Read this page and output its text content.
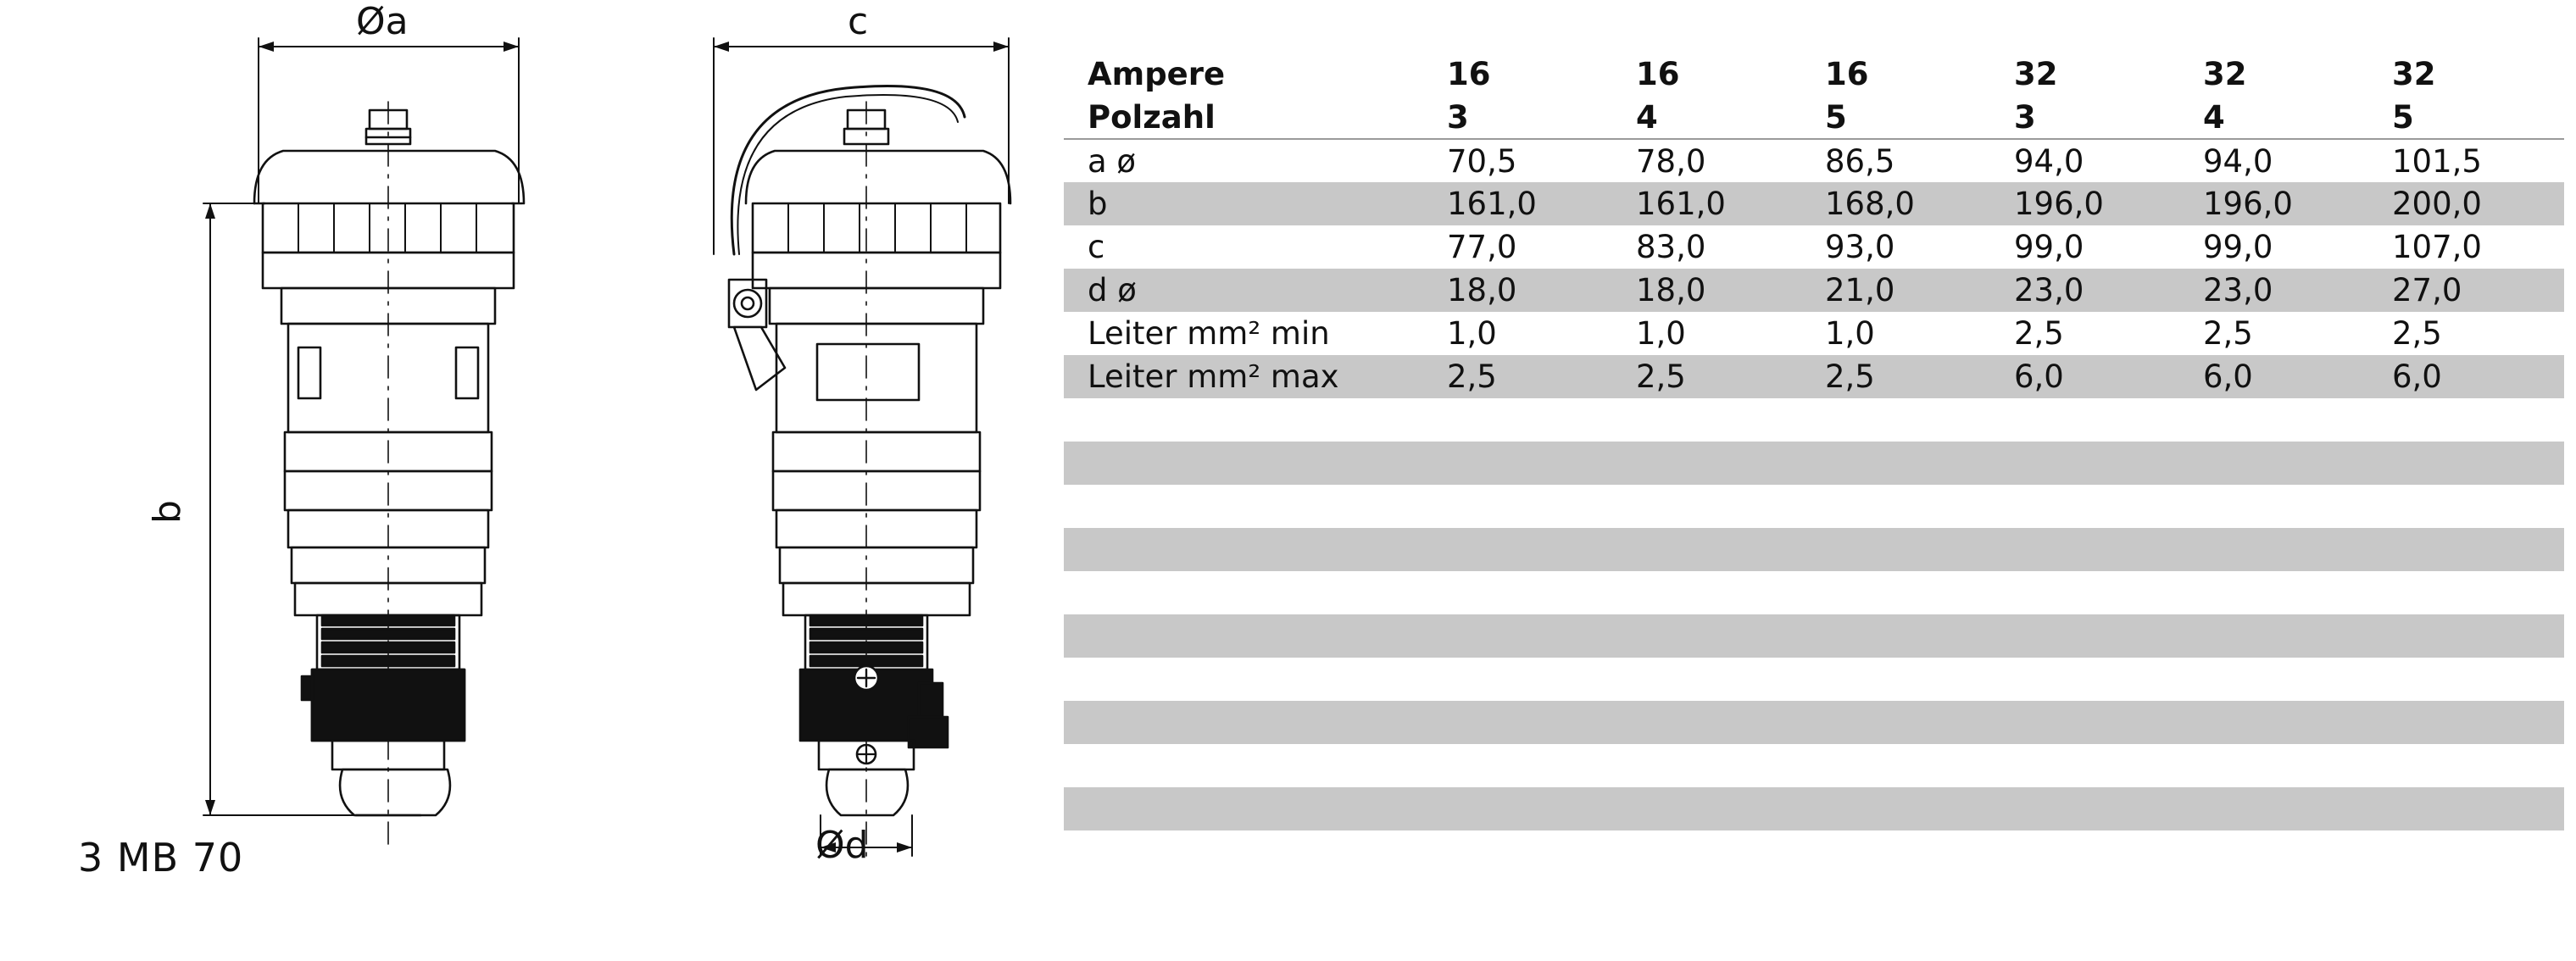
Øa
b
c
Ød
3 MB 70
Ampere	16	16	16	32	32	32
Polzahl	3	4	5	3	4	5
a ø	70,5	78,0	86,5	94,0	94,0	101,5
b	161,0	161,0	168,0	196,0	196,0	200,0
c	77,0	83,0	93,0	99,0	99,0	107,0
d ø	18,0	18,0	21,0	23,0	23,0	27,0
Leiter mm² min	1,0	1,0	1,0	2,5	2,5	2,5
Leiter mm² max	2,5	2,5	2,5	6,0	6,0	6,0
